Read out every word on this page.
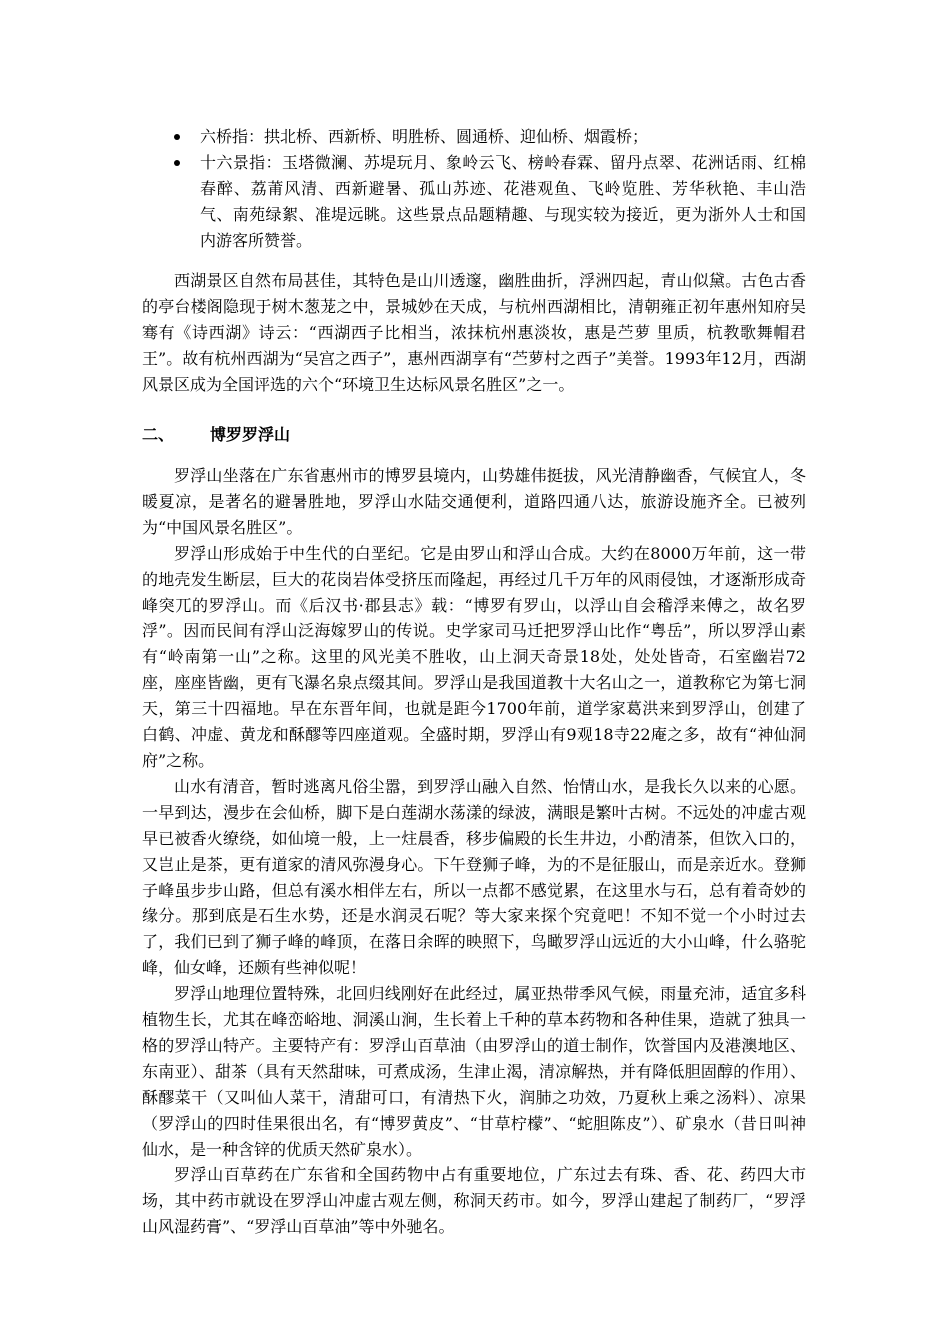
六桥指：拱北桥、西新桥、明胜桥、圆通桥、迎仙桥、烟霞桥；
十六景指：玉塔微澜、苏堤玩月、象岭云飞、榜岭春霖、留丹点翠、花洲话雨、红棉春醉、荔莆风清、西新避暑、孤山苏迹、花港观鱼、飞岭览胜、芳华秋艳、丰山浩气、南苑绿絮、准堤远眺。这些景点品题精趣、与现实较为接近，更为浙外人士和国内游客所赞誉。

西湖景区自然布局甚佳，其特色是山川透邃，幽胜曲折，浮洲四起，青山似黛。古色古香的亭台楼阁隐现于树木葱茏之中，景城妙在天成，与杭州西湖相比，清朝雍正初年惠州知府吴骞有《诗西湖》诗云：“西湖西子比相当，浓抹杭州惠淡妆，惠是苎萝 里质，杭教歌舞帽君王”。故有杭州西湖为“吴宫之西子”，惠州西湖享有“苎萝村之西子”美誉。1993年12月，西湖风景区成为全国评选的六个“环境卫生达标风景名胜区”之一。

二、 博罗罗浮山

罗浮山坐落在广东省惠州市的博罗县境内，山势雄伟挺拔，风光清静幽香，气候宜人，冬暖夏凉，是著名的避暑胜地，罗浮山水陆交通便利，道路四通八达，旅游设施齐全。已被列为“中国风景名胜区”。

罗浮山形成始于中生代的白垩纪。它是由罗山和浮山合成。大约在8000万年前，这一带的地壳发生断层，巨大的花岗岩体受挤压而隆起，再经过几千万年的风雨侵蚀，才逐渐形成奇峰突兀的罗浮山。而《后汉书·郡县志》载：“博罗有罗山，以浮山自会稽浮来傅之，故名罗浮”。因而民间有浮山泛海嫁罗山的传说。史学家司马迁把罗浮山比作“粤岳”，所以罗浮山素有“岭南第一山”之称。这里的风光美不胜收，山上洞天奇景18处，处处皆奇，石室幽岩72座，座座皆幽，更有飞瀑名泉点缀其间。罗浮山是我国道教十大名山之一，道教称它为第七洞天，第三十四福地。早在东晋年间，也就是距今1700年前，道学家葛洪来到罗浮山，创建了白鹤、冲虚、黄龙和酥醪等四座道观。全盛时期，罗浮山有9观18寺22庵之多，故有“神仙洞府”之称。

山水有清音，暂时逃离凡俗尘嚣，到罗浮山融入自然、怡情山水，是我长久以来的心愿。一早到达，漫步在会仙桥，脚下是白莲湖水荡漾的绿波，满眼是繁叶古树。不远处的冲虚古观早已被香火缭绕，如仙境一般，上一炷晨香，移步偏殿的长生井边，小酌清茶，但饮入口的，又岂止是茶，更有道家的清风弥漫身心。下午登狮子峰，为的不是征服山，而是亲近水。登狮子峰虽步步山路，但总有溪水相伴左右，所以一点都不感觉累，在这里水与石，总有着奇妙的缘分。那到底是石生水势，还是水润灵石呢？等大家来探个究竟吧！不知不觉一个小时过去了，我们已到了狮子峰的峰顶，在落日余晖的映照下，鸟瞰罗浮山远近的大小山峰，什么骆驼峰，仙女峰，还颇有些神似呢！

罗浮山地理位置特殊，北回归线刚好在此经过，属亚热带季风气候，雨量充沛，适宜多科植物生长，尤其在峰峦峪地、洞溪山涧，生长着上千种的草本药物和各种佳果，造就了独具一格的罗浮山特产。主要特产有：罗浮山百草油（由罗浮山的道士制作，饮誉国内及港澳地区、东南亚）、甜茶（具有天然甜味，可煮成汤，生津止渴，清凉解热，并有降低胆固醇的作用）、酥醪菜干（又叫仙人菜干，清甜可口，有清热下火，润肺之功效，乃夏秋上乘之汤料）、凉果（罗浮山的四时佳果很出名，有“博罗黄皮”、“甘草柠檬”、“蛇胆陈皮”）、矿泉水（昔日叫神仙水，是一种含锌的优质天然矿泉水）。

罗浮山百草药在广东省和全国药物中占有重要地位，广东过去有珠、香、花、药四大市场，其中药市就设在罗浮山冲虚古观左侧，称洞天药市。如今，罗浮山建起了制药厂，“罗浮山风湿药膏”、“罗浮山百草油”等中外驰名。
